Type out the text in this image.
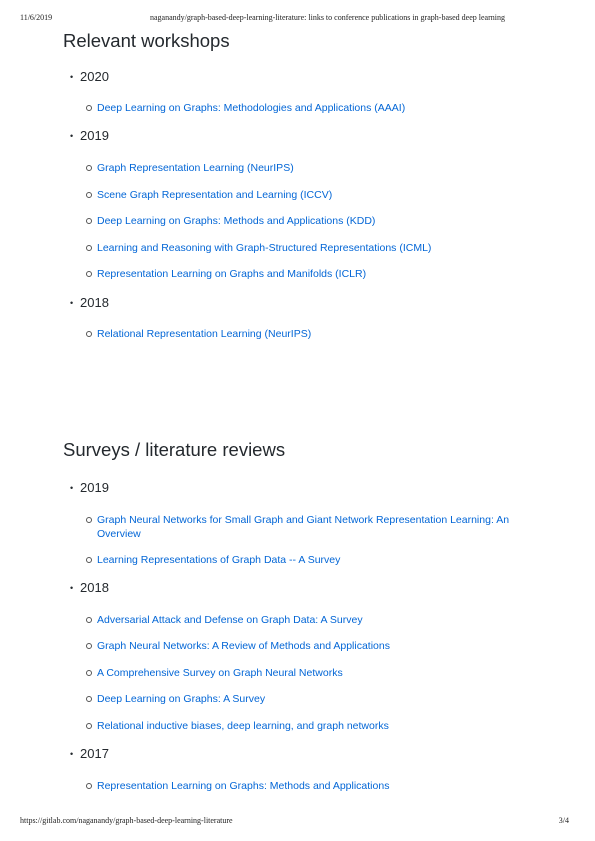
11/6/2019	naganandy/graph-based-deep-learning-literature: links to conference publications in graph-based deep learning
Relevant workshops
• 2020
Deep Learning on Graphs: Methodologies and Applications (AAAI)
• 2019
Graph Representation Learning (NeurIPS)
Scene Graph Representation and Learning (ICCV)
Deep Learning on Graphs: Methods and Applications (KDD)
Learning and Reasoning with Graph-Structured Representations (ICML)
Representation Learning on Graphs and Manifolds (ICLR)
• 2018
Relational Representation Learning (NeurIPS)
Surveys / literature reviews
• 2019
Graph Neural Networks for Small Graph and Giant Network Representation Learning: An Overview
Learning Representations of Graph Data -- A Survey
• 2018
Adversarial Attack and Defense on Graph Data: A Survey
Graph Neural Networks: A Review of Methods and Applications
A Comprehensive Survey on Graph Neural Networks
Deep Learning on Graphs: A Survey
Relational inductive biases, deep learning, and graph networks
• 2017
Representation Learning on Graphs: Methods and Applications
https://gitlab.com/naganandy/graph-based-deep-learning-literature	3/4
